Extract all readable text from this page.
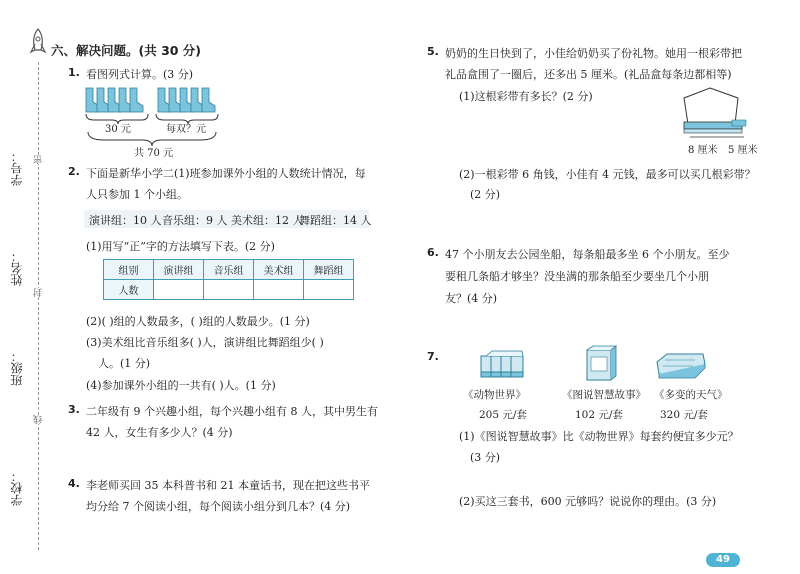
学号：
姓名：
班级：
学校：
密
封
线
六、解决问题。(共 30 分)
1. 看图列式计算。(3 分)
30 元	每双？元
共 70 元
2. 下面是新华小学二(1)班参加课外小组的人数统计情况，每
人只参加 1 个小组。
演讲组：10 人 音乐组：9 人 美术组：12 人
舞蹈组：14 人
(1)用写“正”字的方法填写下表。(2 分)
组别	演讲组	音乐组	美术组	舞蹈组
人数				
(2)( )组的人数最多，( )组的人数最少。(1 分)
(3)美术组比音乐组多( )人，演讲组比舞蹈组少( )
人。(1 分)
(4)参加课外小组的一共有( )人。(1 分)
3. 二年级有 9 个兴趣小组，每个兴趣小组有 8 人，其中男生有
42 人，女生有多少人？(4 分)
4. 李老师买回 35 本科普书和 21 本童话书，现在把这些书平
均分给 7 个阅读小组，每个阅读小组分到几本？(4 分)
5. 奶奶的生日快到了，小佳给奶奶买了份礼物。她用一根彩带把
礼品盒围了一圈后，还多出 5 厘米。(礼品盒每条边都相等)
(1)这根彩带有多长？(2 分)
8 厘米 5 厘米
(2)一根彩带 6 角钱，小佳有 4 元钱，最多可以买几根彩带？
(2 分)
6. 47 个小朋友去公园坐船，每条船最多坐 6 个小朋友。至少
要租几条船才够坐？没坐满的那条船至少要坐几个小朋
友？(4 分)
7.
《动物世界》	《图说智慧故事》 《多变的天气》
205 元/套	102 元/套	320 元/套
(1)《图说智慧故事》比《动物世界》每套约便宜多少元？
(3 分)
(2)买这三套书，600 元够吗？说说你的理由。(3 分)
49
